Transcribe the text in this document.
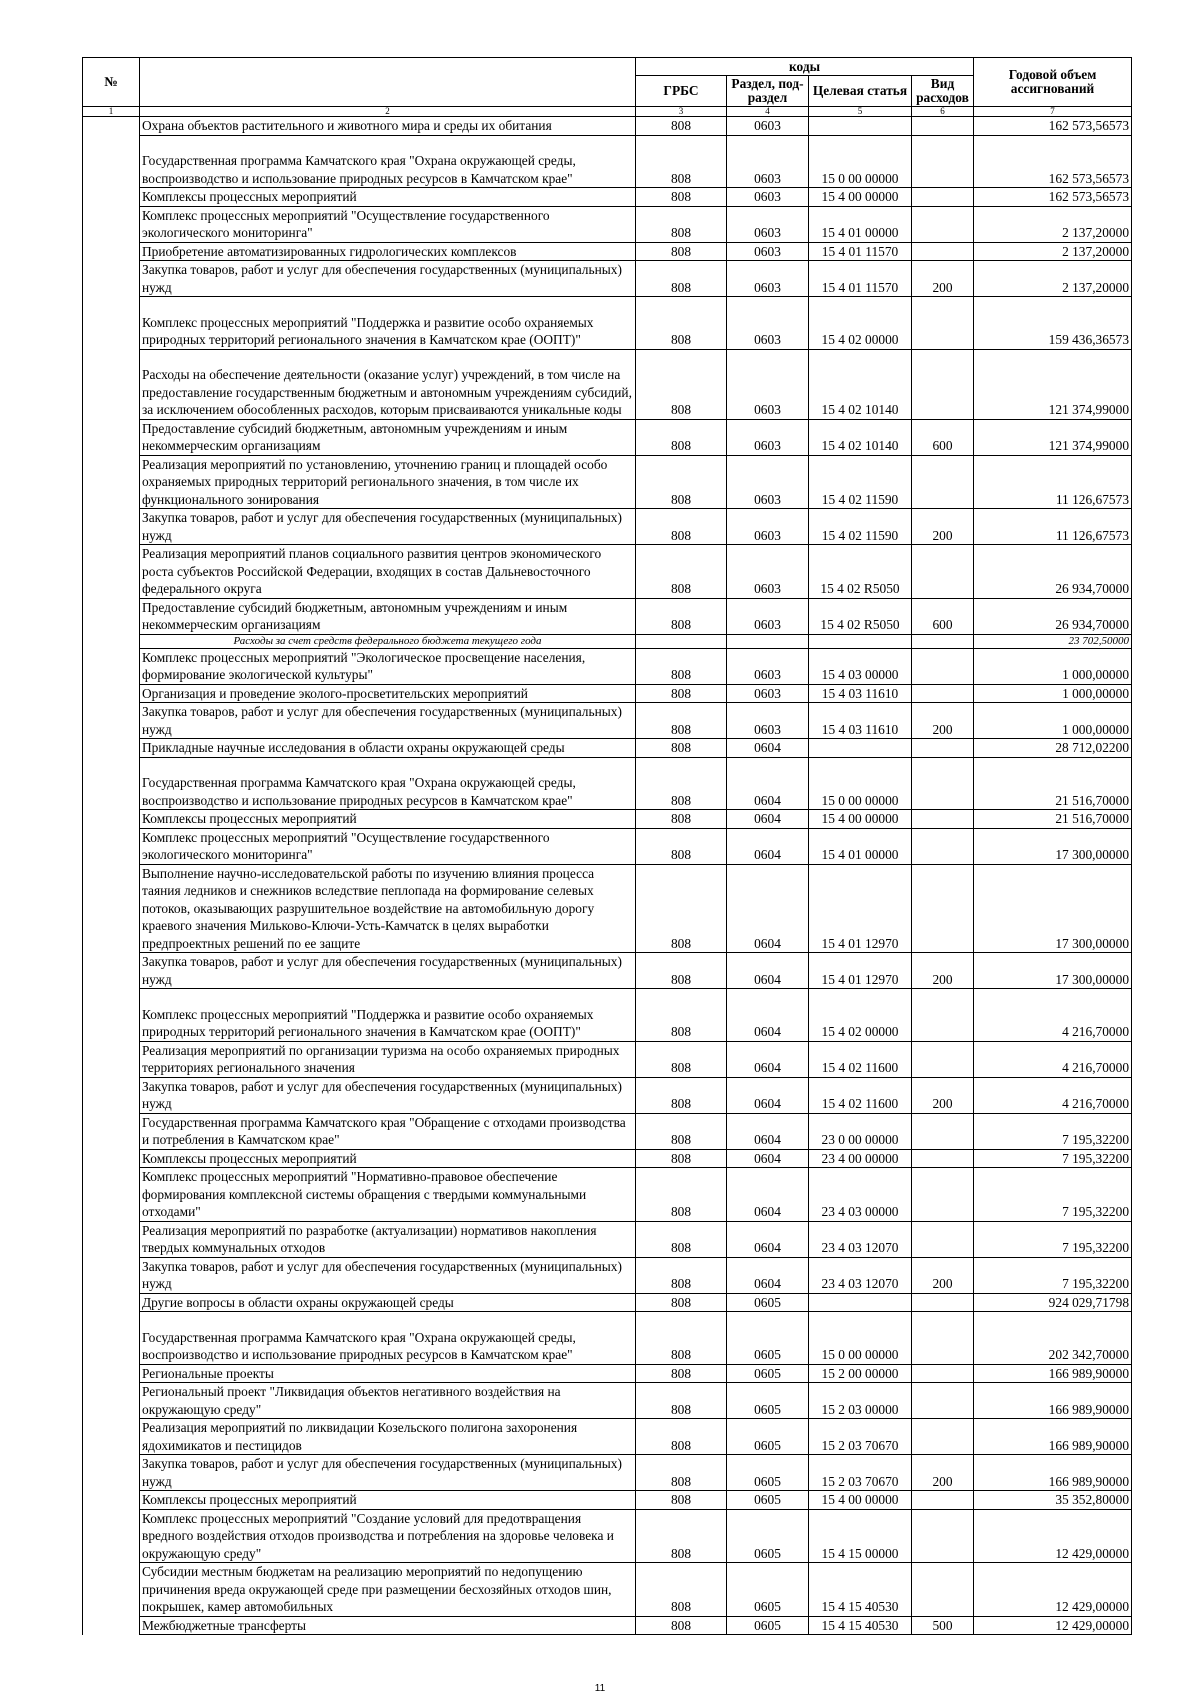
№		коды				Годовой объем ассигнований
		ГРБС	Раздел, под-раздел	Целевая статья	Вид расходов	
1	2	3	4	5	6	7
	Охрана объектов растительного и животного мира и среды их обитания	808	0603			162 573,56573
	Государственная программа Камчатского края "Охрана окружающей среды, воспроизводство и использование природных ресурсов в Камчатском крае"	808	0603	15 0 00 00000		162 573,56573
	Комплексы процессных мероприятий	808	0603	15 4 00 00000		162 573,56573
	Комплекс процессных мероприятий "Осуществление государственного экологического мониторинга"	808	0603	15 4 01 00000		2 137,20000
	Приобретение автоматизированных гидрологических комплексов	808	0603	15 4 01 11570		2 137,20000
	Закупка товаров, работ и услуг для обеспечения государственных (муниципальных) нужд	808	0603	15 4 01 11570	200	2 137,20000
	Комплекс процессных мероприятий "Поддержка и развитие особо охраняемых природных территорий регионального значения в Камчатском крае (ООПТ)"	808	0603	15 4 02 00000		159 436,36573
	Расходы на обеспечение деятельности (оказание услуг) учреждений, в том числе на предоставление государственным бюджетным и автономным учреждениям субсидий, за исключением обособленных расходов, которым присваиваются уникальные коды	808	0603	15 4 02 10140		121 374,99000
	Предоставление субсидий бюджетным, автономным учреждениям и иным некоммерческим организациям	808	0603	15 4 02 10140	600	121 374,99000
	Реализация мероприятий по установлению, уточнению границ и площадей особо охраняемых природных территорий регионального значения, в том числе их функционального зонирования	808	0603	15 4 02 11590		11 126,67573
	Закупка товаров, работ и услуг для обеспечения государственных (муниципальных) нужд	808	0603	15 4 02 11590	200	11 126,67573
	Реализация мероприятий планов социального развития центров экономического роста субъектов Российской Федерации, входящих в состав Дальневосточного федерального округа	808	0603	15 4 02 R5050		26 934,70000
	Предоставление субсидий бюджетным, автономным учреждениям и иным некоммерческим организациям	808	0603	15 4 02 R5050	600	26 934,70000
	Расходы за счет средств федерального бюджета текущего года					23 702,50000
	Комплекс процессных мероприятий "Экологическое просвещение населения, формирование экологической культуры"	808	0603	15 4 03 00000		1 000,00000
	Организация и проведение эколого-просветительских мероприятий	808	0603	15 4 03 11610		1 000,00000
	Закупка товаров, работ и услуг для обеспечения государственных (муниципальных) нужд	808	0603	15 4 03 11610	200	1 000,00000
	Прикладные научные исследования в области охраны окружающей среды	808	0604			28 712,02200
	Государственная программа Камчатского края "Охрана окружающей среды, воспроизводство и использование природных ресурсов в Камчатском крае"	808	0604	15 0 00 00000		21 516,70000
	Комплексы процессных мероприятий	808	0604	15 4 00 00000		21 516,70000
	Комплекс процессных мероприятий "Осуществление государственного экологического мониторинга"	808	0604	15 4 01 00000		17 300,00000
	Выполнение научно-исследовательской работы по изучению влияния процесса таяния ледников и снежников вследствие пеплопада на формирование селевых потоков, оказывающих разрушительное воздействие на автомобильную дорогу краевого значения Мильково-Ключи-Усть-Камчатск в целях выработки предпроектных решений по ее защите	808	0604	15 4 01 12970		17 300,00000
	Закупка товаров, работ и услуг для обеспечения государственных (муниципальных) нужд	808	0604	15 4 01 12970	200	17 300,00000
	Комплекс процессных мероприятий "Поддержка и развитие особо охраняемых природных территорий регионального значения в Камчатском крае (ООПТ)"	808	0604	15 4 02 00000		4 216,70000
	Реализация мероприятий по организации туризма на особо охраняемых природных территориях регионального значения	808	0604	15 4 02 11600		4 216,70000
	Закупка товаров, работ и услуг для обеспечения государственных (муниципальных) нужд	808	0604	15 4 02 11600	200	4 216,70000
	Государственная программа Камчатского края "Обращение с отходами производства и потребления в Камчатском крае"	808	0604	23 0 00 00000		7 195,32200
	Комплексы процессных мероприятий	808	0604	23 4 00 00000		7 195,32200
	Комплекс процессных мероприятий "Нормативно-правовое обеспечение формирования комплексной системы обращения с твердыми коммунальными отходами"	808	0604	23 4 03 00000		7 195,32200
	Реализация мероприятий по разработке (актуализации) нормативов накопления твердых коммунальных отходов	808	0604	23 4 03 12070		7 195,32200
	Закупка товаров, работ и услуг для обеспечения государственных (муниципальных) нужд	808	0604	23 4 03 12070	200	7 195,32200
	Другие вопросы в области охраны окружающей среды	808	0605			924 029,71798
	Государственная программа Камчатского края "Охрана окружающей среды, воспроизводство и использование природных ресурсов в Камчатском крае"	808	0605	15 0 00 00000		202 342,70000
	Региональные проекты	808	0605	15 2 00 00000		166 989,90000
	Региональный проект "Ликвидация объектов негативного воздействия на окружающую среду"	808	0605	15 2 03 00000		166 989,90000
	Реализация мероприятий по ликвидации Козельского полигона захоронения ядохимикатов и пестицидов	808	0605	15 2 03 70670		166 989,90000
	Закупка товаров, работ и услуг для обеспечения государственных (муниципальных) нужд	808	0605	15 2 03 70670	200	166 989,90000
	Комплексы процессных мероприятий	808	0605	15 4 00 00000		35 352,80000
	Комплекс процессных мероприятий "Создание условий для предотвращения вредного воздействия отходов производства и потребления на здоровье человека и окружающую среду"	808	0605	15 4 15 00000		12 429,00000
	Субсидии местным бюджетам на реализацию мероприятий по недопущению причинения вреда окружающей среде при размещении бесхозяйных отходов шин, покрышек, камер автомобильных	808	0605	15 4 15 40530		12 429,00000
	Межбюджетные трансферты	808	0605	15 4 15 40530	500	12 429,00000
11
